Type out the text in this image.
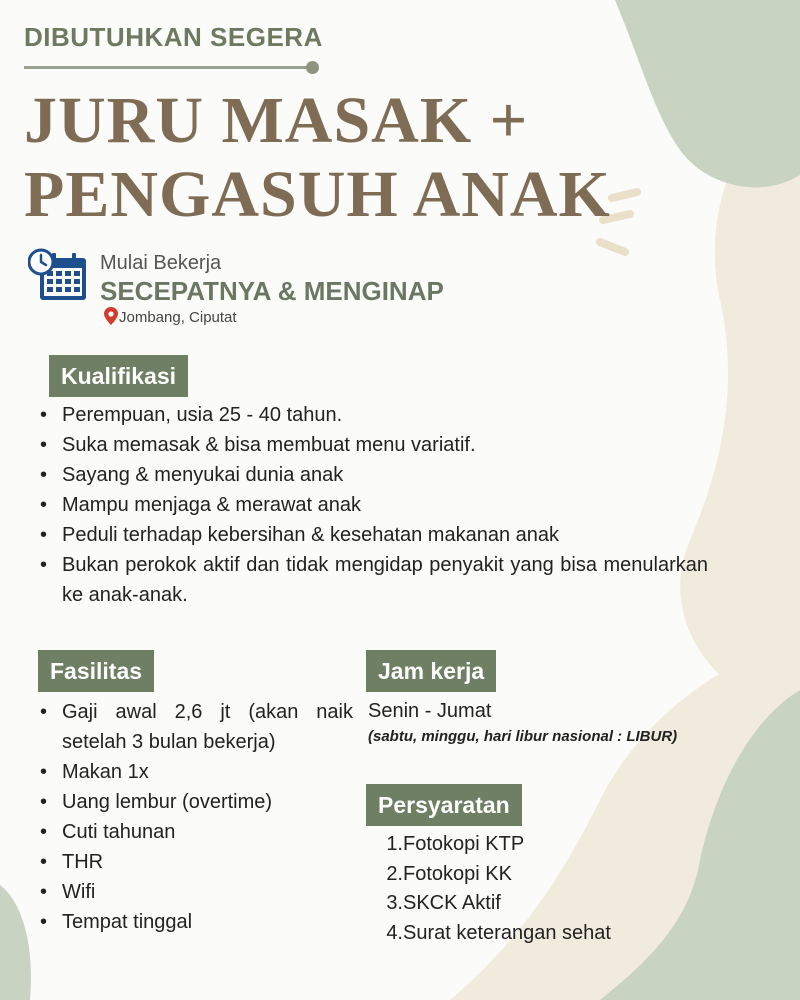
DIBUTUHKAN SEGERA
JURU MASAK +
PENGASUH ANAK
Mulai Bekerja
SECEPATNYA & MENGINAP
Jombang, Ciputat
Kualifikasi
• Perempuan, usia 25 - 40 tahun.
• Suka memasak & bisa membuat menu variatif.
• Sayang & menyukai dunia anak
• Mampu menjaga & merawat anak
• Peduli terhadap kebersihan & kesehatan makanan anak
• Bukan perokok aktif dan tidak mengidap penyakit yang bisa menularkan ke anak-anak.
Fasilitas
• Gaji awal 2,6 jt (akan naik setelah 3 bulan bekerja)
• Makan 1x
• Uang lembur (overtime)
• Cuti tahunan
• THR
• Wifi
• Tempat tinggal
Jam kerja
Senin - Jumat
(sabtu, minggu, hari libur nasional : LIBUR)
Persyaratan
1.Fotokopi KTP
2.Fotokopi KK
3.SKCK Aktif
4.Surat keterangan sehat
